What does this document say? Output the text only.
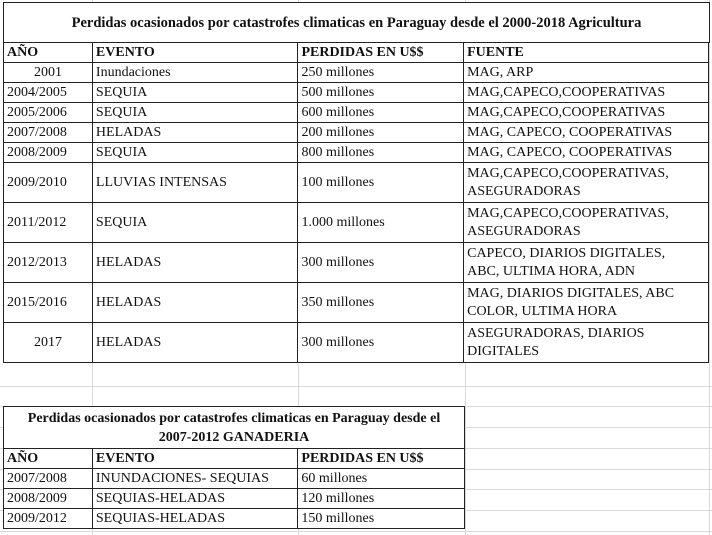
Perdidas ocasionados por catastrofes climaticas en Paraguay desde el 2000-2018 Agricultura
AÑO	EVENTO	PERDIDAS EN U$$	FUENTE
2001	Inundaciones	250 millones	MAG, ARP
2004/2005	SEQUIA	500 millones	MAG,CAPECO,COOPERATIVAS
2005/2006	SEQUIA	600 millones	MAG,CAPECO,COOPERATIVAS
2007/2008	HELADAS	200 millones	MAG, CAPECO, COOPERATIVAS
2008/2009	SEQUIA	800 millones	MAG, CAPECO, COOPERATIVAS
2009/2010	LLUVIAS INTENSAS	100 millones	MAG,CAPECO,COOPERATIVAS,
ASEGURADORAS

2011/2012	SEQUIA	1.000 millones	MAG,CAPECO,COOPERATIVAS,
ASEGURADORAS

2012/2013	HELADAS	300 millones	CAPECO, DIARIOS DIGITALES,
ABC, ULTIMA HORA, ADN

2015/2016	HELADAS	350 millones	MAG, DIARIOS DIGITALES, ABC
COLOR, ULTIMA HORA

2017	HELADAS	300 millones	ASEGURADORAS, DIARIOS
DIGITALES
Perdidas ocasionados por catastrofes climaticas en Paraguay desde el
2007-2012 GANADERIA
AÑO	EVENTO	PERDIDAS EN U$$
2007/2008	INUNDACIONES- SEQUIAS	60 millones
2008/2009	SEQUIAS-HELADAS	120 millones
2009/2012	SEQUIAS-HELADAS	150 millones
